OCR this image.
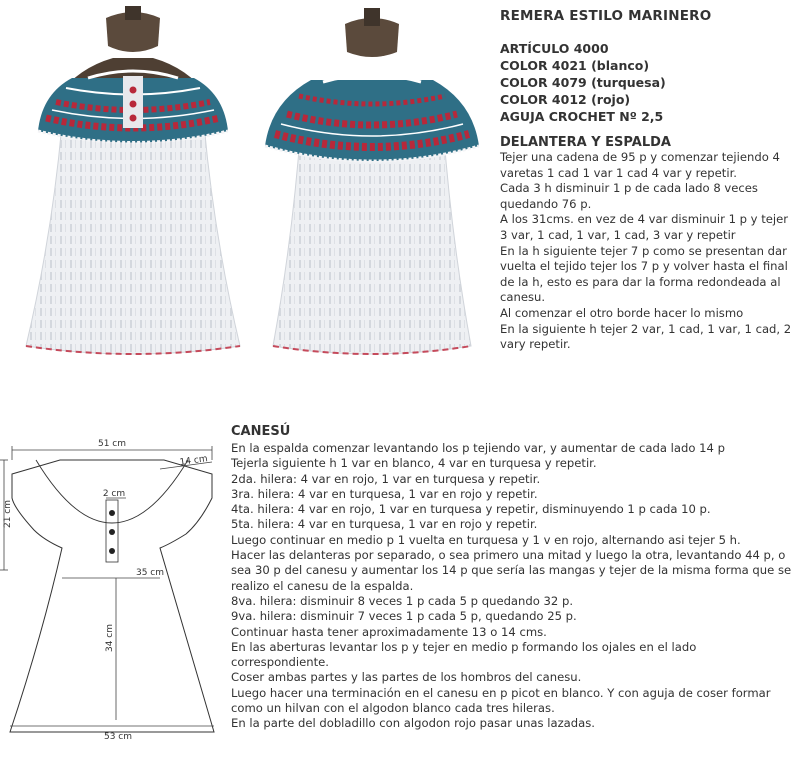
REMERA ESTILO MARINERO
ARTÍCULO 4000
COLOR 4021 (blanco)
COLOR 4079 (turquesa)
COLOR 4012 (rojo)
AGUJA CROCHET Nº 2,5
DELANTERA Y ESPALDA
Tejer una cadena de 95 p y comenzar tejiendo 4 varetas 1 cad 1 var 1 cad 4 var y repetir.
Cada 3 h disminuir 1 p de cada lado 8 veces quedando 76 p.
A los 31cms. en vez de 4 var disminuir 1 p y tejer 3 var, 1 cad, 1 var, 1 cad, 3 var y repetir
En la h siguiente tejer 7 p como se presentan dar vuelta el tejido tejer los 7 p y volver hasta el final de la h, esto es para dar la forma redondeada al canesu.
Al comenzar el otro borde hacer lo mismo
En la siguiente h tejer 2 var, 1 cad, 1 var, 1 cad, 2 vary repetir.
51 cm
14 cm
21 cm
2 cm
35 cm
34 cm
53 cm
CANESÚ
En la espalda comenzar levantando los p tejiendo var, y aumentar de cada lado 14 p
Tejerla siguiente h 1 var en blanco, 4 var en turquesa y repetir.
2da. hilera: 4 var en rojo, 1 var en turquesa y repetir.
3ra. hilera: 4 var en turquesa, 1 var en rojo y repetir.
4ta. hilera: 4 var en rojo, 1 var en turquesa y repetir, disminuyendo 1 p cada 10 p.
5ta. hilera: 4 var en turquesa, 1 var en rojo y repetir.
Luego continuar en medio p 1 vuelta en turquesa y 1 v en rojo, alternando asi tejer 5 h.
Hacer las delanteras por separado, o sea primero una mitad y luego la otra, levantando 44 p, o sea 30 p del canesu y aumentar los 14 p que sería las mangas y tejer de la misma forma que se realizo el canesu de la espalda.
8va. hilera: disminuir 8 veces 1 p cada 5 p quedando 32 p.
9va. hilera: disminuir 7 veces 1 p cada 5 p, quedando 25 p.
Continuar hasta tener aproximadamente 13 o 14 cms.
En las aberturas levantar los p y tejer en medio p formando los ojales en el lado correspondiente.
Coser ambas partes y las partes de los hombros del canesu.
Luego hacer una terminación en el canesu en p picot en blanco. Y con aguja de coser formar como un hilvan con el algodon blanco cada tres hileras.
En la parte del dobladillo con algodon rojo pasar unas lazadas.
